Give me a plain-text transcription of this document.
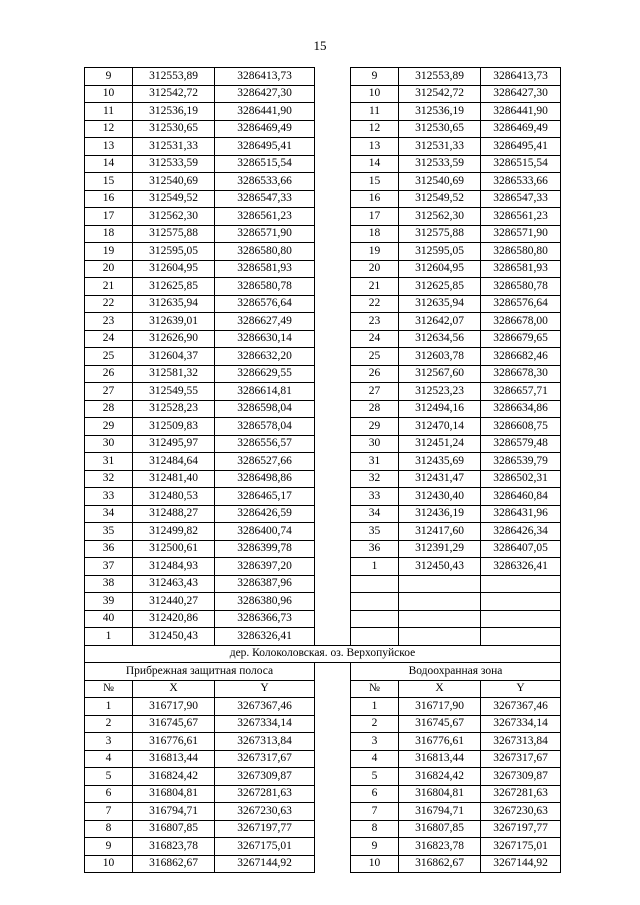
15
9	312553,89	3286413,73		9	312553,89	3286413,73
10	312542,72	3286427,30		10	312542,72	3286427,30
11	312536,19	3286441,90		11	312536,19	3286441,90
12	312530,65	3286469,49		12	312530,65	3286469,49
13	312531,33	3286495,41		13	312531,33	3286495,41
14	312533,59	3286515,54		14	312533,59	3286515,54
15	312540,69	3286533,66		15	312540,69	3286533,66
16	312549,52	3286547,33		16	312549,52	3286547,33
17	312562,30	3286561,23		17	312562,30	3286561,23
18	312575,88	3286571,90		18	312575,88	3286571,90
19	312595,05	3286580,80		19	312595,05	3286580,80
20	312604,95	3286581,93		20	312604,95	3286581,93
21	312625,85	3286580,78		21	312625,85	3286580,78
22	312635,94	3286576,64		22	312635,94	3286576,64
23	312639,01	3286627,49		23	312642,07	3286678,00
24	312626,90	3286630,14		24	312634,56	3286679,65
25	312604,37	3286632,20		25	312603,78	3286682,46
26	312581,32	3286629,55		26	312567,60	3286678,30
27	312549,55	3286614,81		27	312523,23	3286657,71
28	312528,23	3286598,04		28	312494,16	3286634,86
29	312509,83	3286578,04		29	312470,14	3286608,75
30	312495,97	3286556,57		30	312451,24	3286579,48
31	312484,64	3286527,66		31	312435,69	3286539,79
32	312481,40	3286498,86		32	312431,47	3286502,31
33	312480,53	3286465,17		33	312430,40	3286460,84
34	312488,27	3286426,59		34	312436,19	3286431,96
35	312499,82	3286400,74		35	312417,60	3286426,34
36	312500,61	3286399,78		36	312391,29	3286407,05
37	312484,93	3286397,20		1	312450,43	3286326,41
38	312463,43	3286387,96				
39	312440,27	3286380,96				
40	312420,86	3286366,73				
1	312450,43	3286326,41				
дер. Колоколовская. оз. Верхопуйское						
Прибрежная защитная полоса				Водоохранная зона		
№	X	Y		№	X	Y
1	316717,90	3267367,46		1	316717,90	3267367,46
2	316745,67	3267334,14		2	316745,67	3267334,14
3	316776,61	3267313,84		3	316776,61	3267313,84
4	316813,44	3267317,67		4	316813,44	3267317,67
5	316824,42	3267309,87		5	316824,42	3267309,87
6	316804,81	3267281,63		6	316804,81	3267281,63
7	316794,71	3267230,63		7	316794,71	3267230,63
8	316807,85	3267197,77		8	316807,85	3267197,77
9	316823,78	3267175,01		9	316823,78	3267175,01
10	316862,67	3267144,92		10	316862,67	3267144,92
